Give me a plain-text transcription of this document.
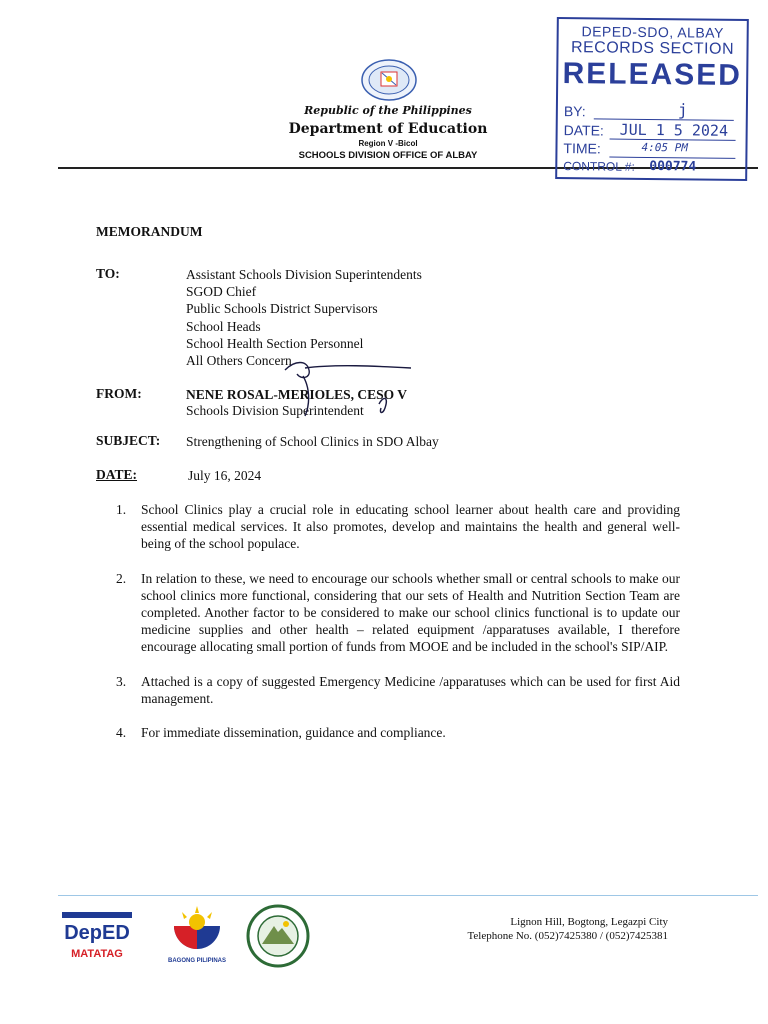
Republic of the Philippines
Department of Education
Region V -Bicol
SCHOOLS DIVISION OFFICE OF ALBAY
DEPED-SDO, ALBAY
RECORDS SECTION
RELEASED
BY:	j
DATE: JUL 1 5 2024
TIME:	4:05 PM
CONTROL #: 000774
MEMORANDUM
TO:	Assistant Schools Division Superintendents
SGOD Chief
Public Schools District Supervisors
School Heads
School Health Section Personnel
All Others Concern
FROM:	NENE ROSAL-MERIOLES, CESO V
Schools Division Superintendent
SUBJECT: Strengthening of School Clinics in SDO Albay
DATE:	July 16, 2024
1. School Clinics play a crucial role in educating school learner about health care and providing essential medical services. It also promotes, develop and maintains the health and general well-being of the school populace.
2. In relation to these, we need to encourage our schools whether small or central schools to make our school clinics more functional, considering that our sets of Health and Nutrition Section Team are completed. Another factor to be considered to make our school clinics functional is to update our medicine supplies and other health – related equipment /apparatuses available, I therefore encourage allocating small portion of funds from MOOE and be included in the school's SIP/AIP.
3. Attached is a copy of suggested Emergency Medicine /apparatuses which can be used for first Aid management.
4. For immediate dissemination, guidance and compliance.
DepED
MATATAG
BAGONG PILIPINAS
Lignon Hill, Bogtong, Legazpi City
Telephone No. (052)7425380 / (052)7425381
